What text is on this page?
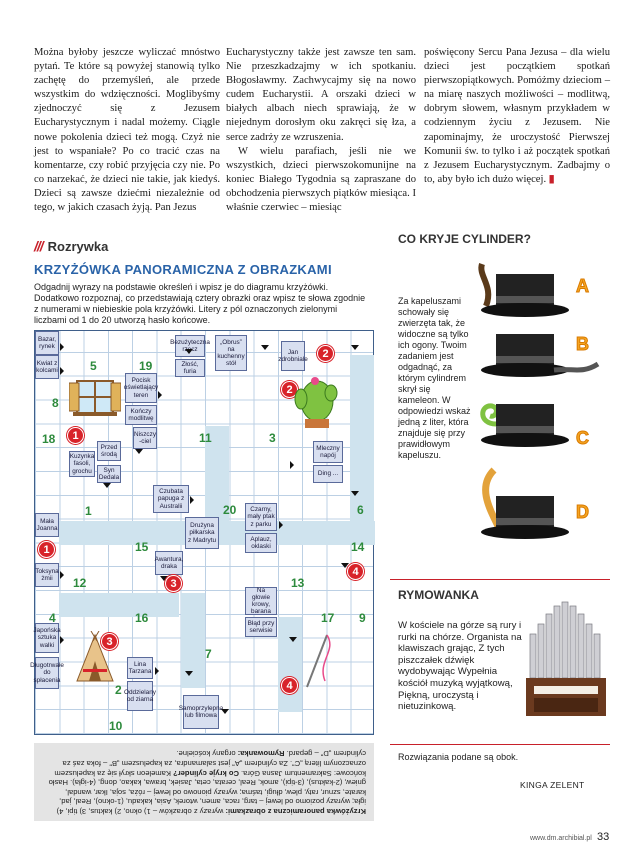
Można byłoby jeszcze wyliczać mnóstwo pytań. Te które są powyżej stanowią tylko zachętę do przemyśleń, ale przede wszystkim do wdzięczności. Moglibyśmy zjednoczyć się z Jezusem Eucharystycznym i nadal możemy. Ciągle nowe pokolenia dzieci też mogą. Czyż nie jest to wspaniałe? Po co tracić czas na komentarze, czy robić przyjęcia czy nie. Po co narzekać, że dzieci nie takie, jak kiedyś. Dzieci są zawsze dziećmi niezależnie od tego, w jakich czasach żyją. Pan Jezus
Eucharystyczny także jest zawsze ten sam. Nie przeszkadzajmy w ich spotkaniu. Błogosławmy. Zachwycajmy się na nowo cudem Eucharystii. A orszaki dzieci w białych albach niech sprawiają, że w niejednym dorosłym oku zakręci się łza, a serce zadrży ze wzruszenia.
W wielu parafiach, jeśli nie we wszystkich, dzieci pierwszokomunijne na koniec Białego Tygodnia są zapraszane do obchodzenia pierwszych piątków miesiąca. I właśnie czerwiec – miesiąc
poświęcony Sercu Pana Jezusa – dla wielu dzieci jest początkiem spotkań pierwszopiątkowych. Pomóżmy dzieciom – na miarę naszych możliwości – modlitwą, dobrym słowem, własnym przykładem w codziennym życiu z Jezusem. Nie zapominajmy, że uroczystość Pierwszej Komunii św. to tylko i aż początek spotkań z Jezusem Eucharystycznym. Zadbajmy o to, aby było ich dużo więcej. ▮
/// Rozrywka
KRZYŻÓWKA PANORAMICZNA Z OBRAZKAMI
Odgadnij wyrazy na podstawie określeń i wpisz je do diagramu krzyżówki. Dodatkowo rozpoznaj, co przedstawiają cztery obrazki oraz wpisz te słowa zgodnie z numerami w niebieskie pola krzyżówki. Litery z pól oznaczonych zielonymi liczbami od 1 do 20 utworzą hasło końcowe.
Bazar, rynek
Kwiat z kolcami
Pocisk oświetlający teren
Kończy modlitwę
Niszczy -ciel
Przed środą
Kuzynka fasoli, grochu	Syn Dedala
Bezużyteczna rzecz
Złość, furia
„Obrus” na kuchenny stół
Jan zdrobniale
Mleczny napój
Ding ...
Czubata papuga z Australii
Mała Joanna	Drużyna piłkarska z Madrytu
Czarny, mały ptak z parku
Aplauz, oklaski
Toksyna żmii
Awantura, draka
Na głowie krowy, barana
Błąd przy serwisie
Japońska sztuka walki
Lina Tarzana
Długotrwałe do spłacenia
Oddzielany od ziarna
Samoprzylepna lub filmowa
5	19
8
18	11	3
1	20	6
15	14
12	13
4	16	17 9
7
2
10
1
2
3
4
1
2
3
4
CO KRYJE CYLINDER?
Za kapeluszami schowały się zwierzęta tak, że widoczne są tylko ich ogony. Twoim zadaniem jest odgadnąć, za którym cylindrem skrył się kameleon. W odpowiedzi wskaż jedną z liter, która znajduje się przy prawidłowym kapeluszu.
A
B
C
D
RYMOWANKA
W kościele na górze są rury i rurki na chórze. Organista na klawiszach grając, Z tych piszczałek dźwięk wydobywając Wypełnia kościół muzyką wyjątkową, Piękną, uroczystą i nietuzinkową.
Krzyżówka panoramiczna z obrazkami: wyrazy z obrazków – 1) okno, 2) kaktus, 3) tipi, 4) igła; wyrazy poziomo od lewej – targ, raca, amen, wtorek, Asia, kakadu, (1-okno), Real, jad, karate, sznur, raty, plew, długi, taśma; wyrazy pionowo od lewej – róża, soja, Ikar, wandal, gniew, (2-kaktus), (3-tipi), amok, Real, cerata, ceta, Jasiek, brawa, kakao, dong, (4-igła). Hasło końcowe: Sakramentum Jasna Góra. Co kryje cylinder? Kameleon skrył się za kapeluszem oznaczonym literą „C”. Za cylindrem „A” jest salamandra, za kapeluszem „B” – foka zaś za cylindrem „D” – gepard. Rymowanka: organy kościelne.	Rozwiązania podane są obok.
KINGA ZELENT
www.dm.archibial.pl 33
